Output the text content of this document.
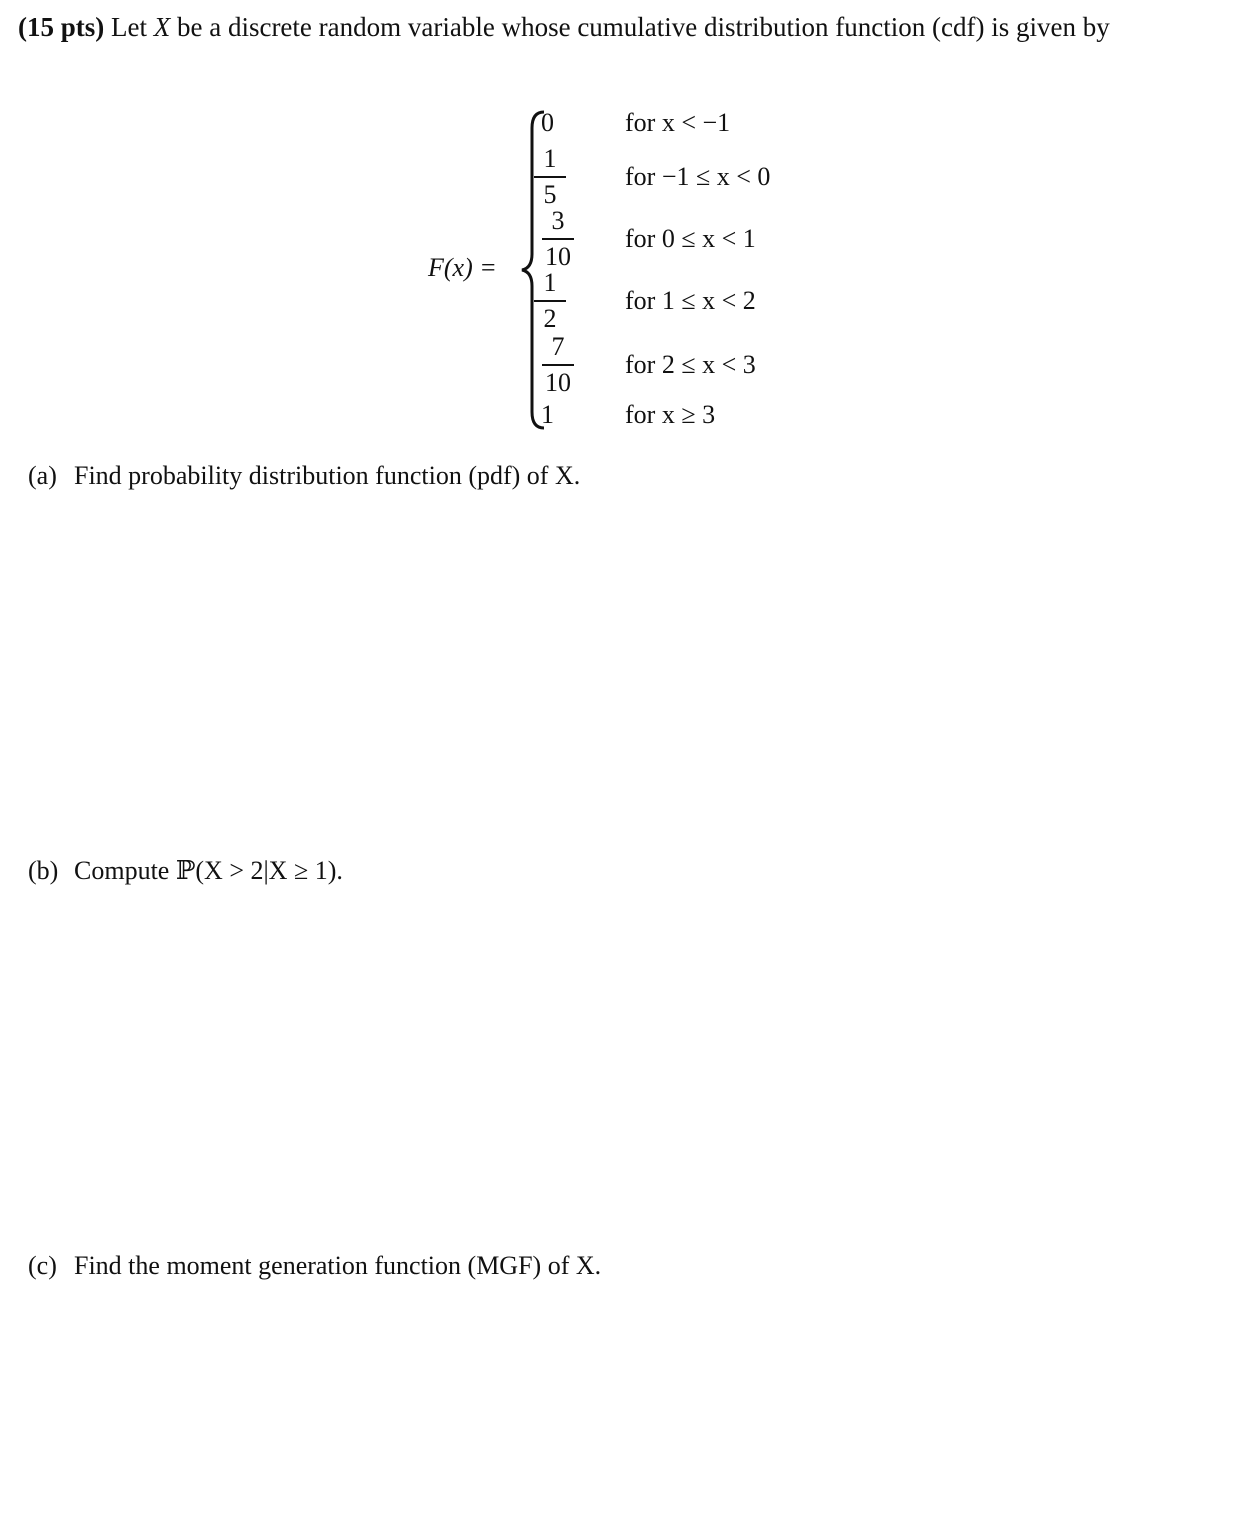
(15 pts) Let X be a discrete random variable whose cumulative distribution function (cdf) is given by
F(x) =
0	for x < −1
1
5
for −1 ≤ x < 0
3
10
for 0 ≤ x < 1
1
2
for 1 ≤ x < 2
7
10
for 2 ≤ x < 3
1	for x ≥ 3
(a) Find probability distribution function (pdf) of X.
(b) Compute ℙ(X > 2|X ≥ 1).
(c) Find the moment generation function (MGF) of X.
